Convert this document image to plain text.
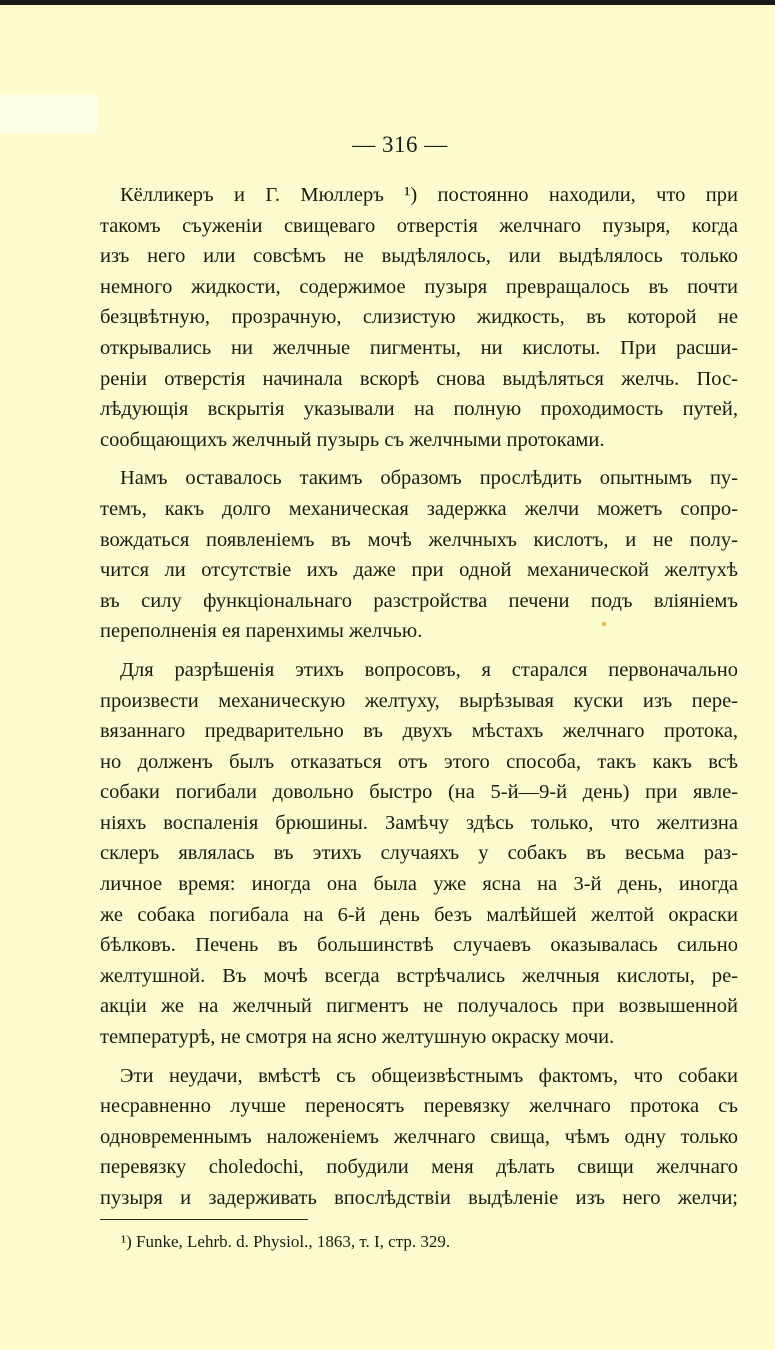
— 316 —
Кёлликеръ и Г. Мюллеръ ¹) постоянно находили, что при
такомъ съуженіи свищеваго отверстія желчнаго пузыря, когда
изъ него или совсѣмъ не выдѣлялось, или выдѣлялось только
немного жидкости, содержимое пузыря превращалось въ почти
безцвѣтную, прозрачную, слизистую жидкость, въ которой не
открывались ни желчные пигменты, ни кислоты. При расши-
реніи отверстія начинала вскорѣ снова выдѣляться желчь. Пос-
лѣдующія вскрытія указывали на полную проходимость путей,
сообщающихъ желчный пузырь съ желчными протоками.
Намъ оставалось такимъ образомъ прослѣдить опытнымъ пу-
темъ, какъ долго механическая задержка желчи можетъ сопро-
вождаться появленіемъ въ мочѣ желчныхъ кислотъ, и не полу-
чится ли отсутствіе ихъ даже при одной механической желтухѣ
въ силу функціональнаго разстройства печени подъ вліяніемъ
переполненія ея паренхимы желчью.
Для разрѣшенія этихъ вопросовъ, я старался первоначально
произвести механическую желтуху, вырѣзывая куски изъ пере-
вязаннаго предварительно въ двухъ мѣстахъ желчнаго протока,
но долженъ былъ отказаться отъ этого способа, такъ какъ всѣ
собаки погибали довольно быстро (на 5-й—9-й день) при явле-
ніяхъ воспаленія брюшины. Замѣчу здѣсь только, что желтизна
склеръ являлась въ этихъ случаяхъ у собакъ въ весьма раз-
личное время: иногда она была уже ясна на 3-й день, иногда
же собака погибала на 6-й день безъ малѣйшей желтой окраски
бѣлковъ. Печень въ большинствѣ случаевъ оказывалась сильно
желтушной. Въ мочѣ всегда встрѣчались желчныя кислоты, ре-
акціи же на желчный пигментъ не получалось при возвышенной
температурѣ, не смотря на ясно желтушную окраску мочи.
Эти неудачи, вмѣстѣ съ общеизвѣстнымъ фактомъ, что собаки
несравненно лучше переносятъ перевязку желчнаго протока съ
одновременнымъ наложеніемъ желчнаго свища, чѣмъ одну только
перевязку choledochi, побудили меня дѣлать свищи желчнаго
пузыря и задерживать впослѣдствіи выдѣленіе изъ него желчи;
¹) Funke, Lehrb. d. Physiol., 1863, т. I, стр. 329.
